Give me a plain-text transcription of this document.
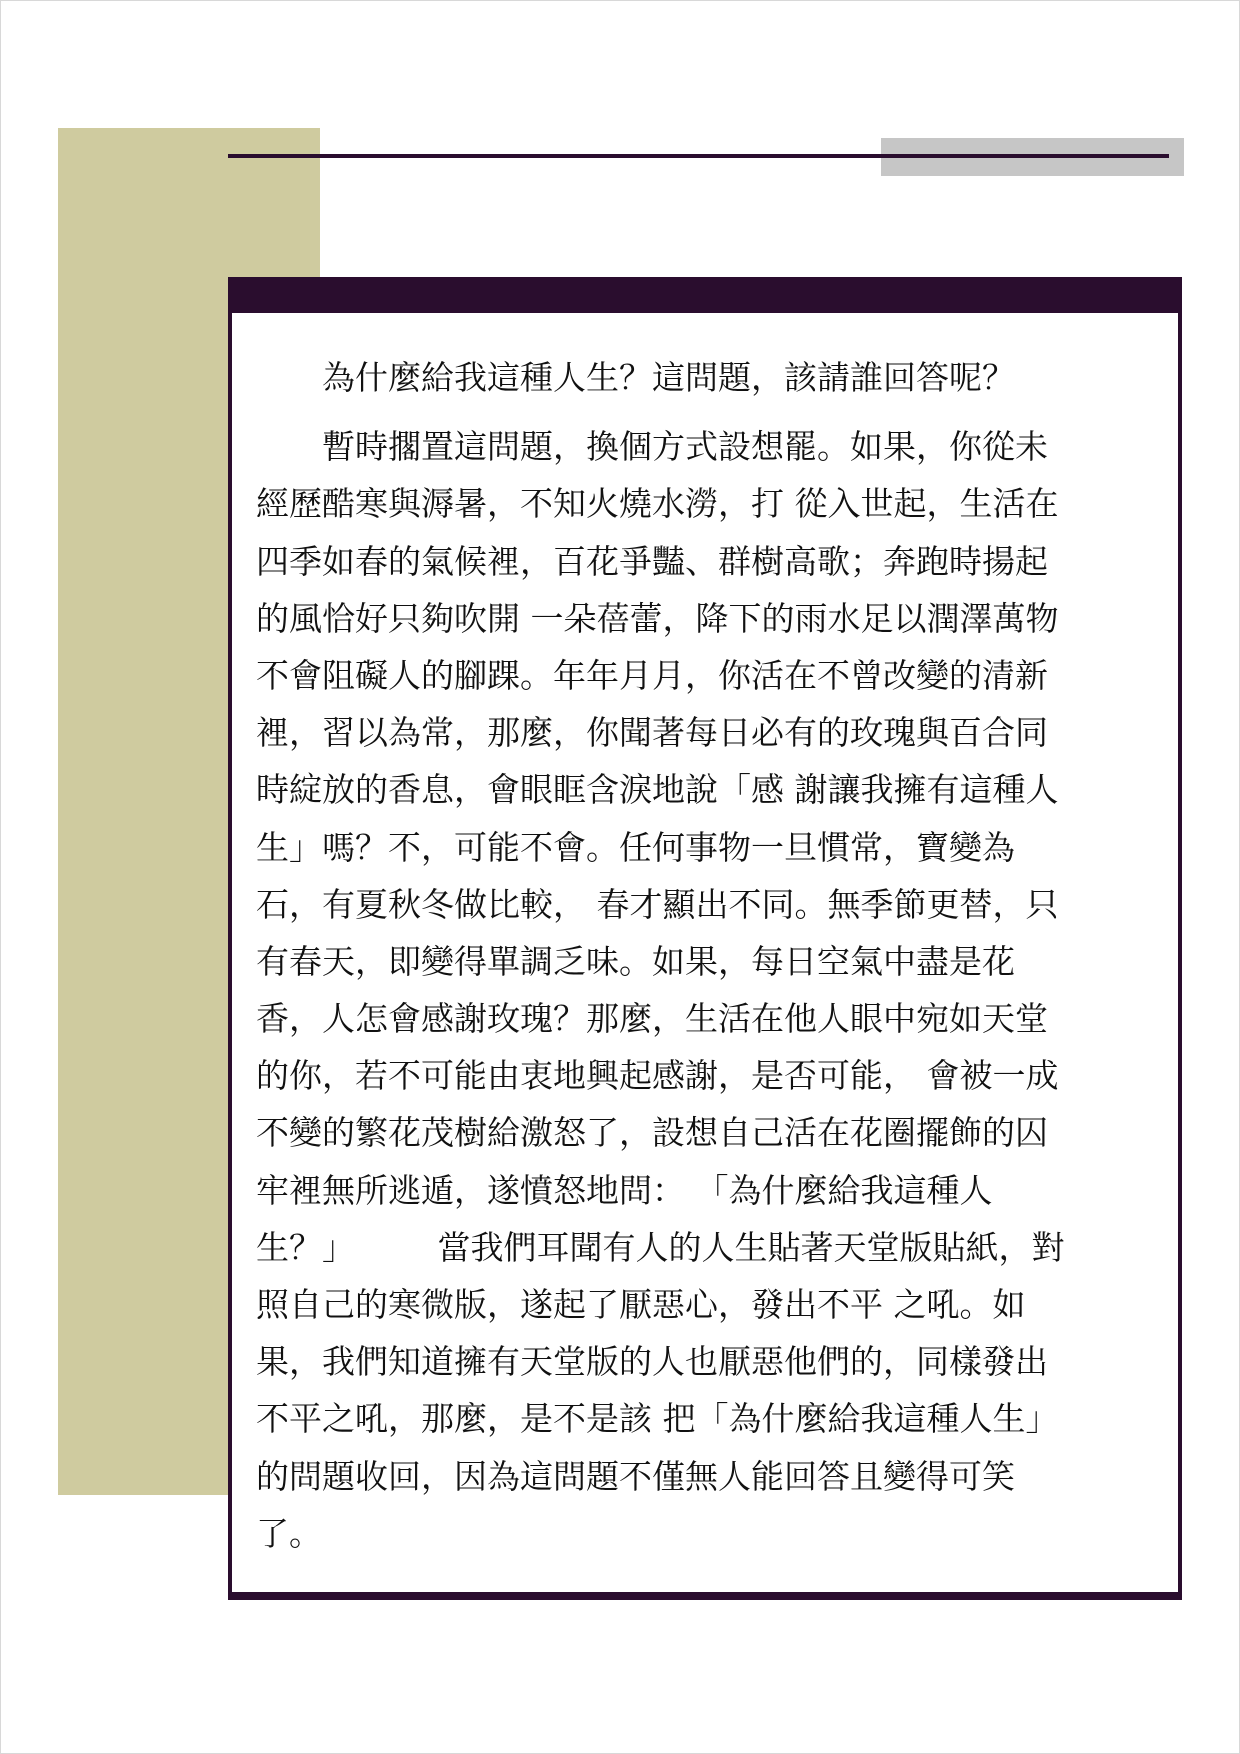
　　為什麼給我這種人生？這問題，該請誰回答呢？
　　暫時擱置這問題，換個方式設想罷。如果，你從未
經歷酷寒與溽暑，不知火燒水澇，打 從入世起，生活在
四季如春的氣候裡，百花爭豔、群樹高歌；奔跑時揚起
的風恰好只夠吹開 一朵蓓蕾，降下的雨水足以潤澤萬物
不會阻礙人的腳踝。年年月月，你活在不曾改變的清新
裡，習以為常，那麼，你聞著每日必有的玫瑰與百合同
時綻放的香息，會眼眶含淚地說「感 謝讓我擁有這種人
生」嗎？不，可能不會。任何事物一旦慣常，寶變為
石，有夏秋冬做比較， 春才顯出不同。無季節更替，只
有春天，即變得單調乏味。如果，每日空氣中盡是花
香，人怎會感謝玫瑰？那麼，生活在他人眼中宛如天堂
的你，若不可能由衷地興起感謝，是否可能， 會被一成
不變的繁花茂樹給激怒了，設想自己活在花圈擺飾的囚
牢裡無所逃遁，遂憤怒地問： 「為什麼給我這種人
生？」　　　當我們耳聞有人的人生貼著天堂版貼紙，對
照自己的寒微版，遂起了厭惡心，發出不平 之吼。如
果，我們知道擁有天堂版的人也厭惡他們的，同樣發出
不平之吼，那麼，是不是該 把「為什麼給我這種人生」
的問題收回，因為這問題不僅無人能回答且變得可笑
了。
